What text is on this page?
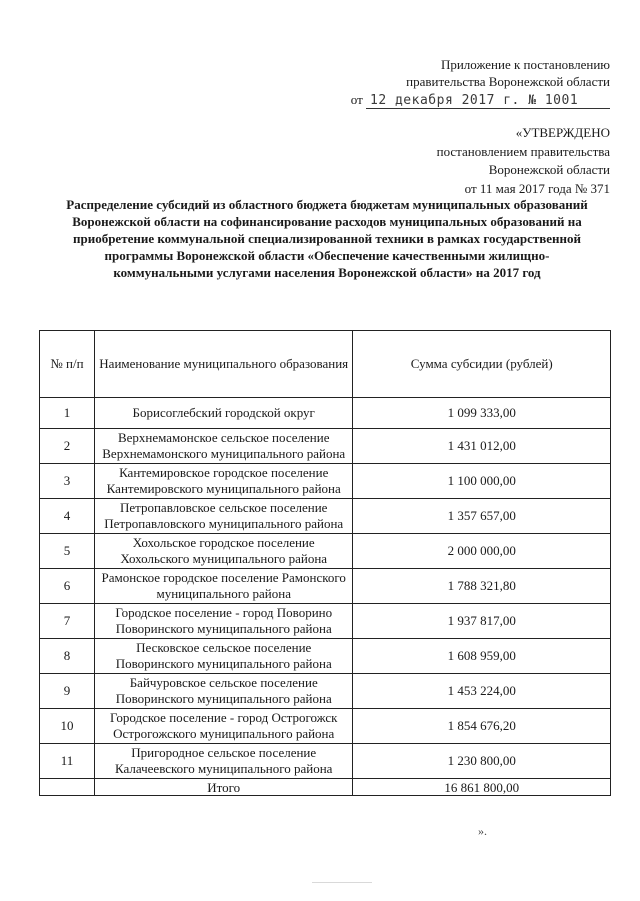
Приложение к постановлению
правительства Воронежской области
от 12 декабря 2017 г. № 1001
«УТВЕРЖДЕНО
постановлением правительства
Воронежской области
от 11 мая 2017 года № 371
Распределение субсидий из областного бюджета бюджетам муниципальных образований Воронежской области на софинансирование расходов муниципальных образований на приобретение коммунальной специализированной техники в рамках государственной программы Воронежской области «Обеспечение качественными жилищно- коммунальными услугами населения Воронежской области» на 2017 год
№ п/п	Наименование муниципального образования	Сумма субсидии (рублей)
1	Борисоглебский городской округ	1 099 333,00
2	Верхнемамонское сельское поселение Верхнемамонского муниципального района	1 431 012,00
3	Кантемировское городское поселение Кантемировского муниципального района	1 100 000,00
4	Петропавловское сельское поселение Петропавловского муниципального района	1 357 657,00
5	Хохольское городское поселение Хохольского муниципального района	2 000 000,00
6	Рамонское городское поселение Рамонского муниципального района	1 788 321,80
7	Городское поселение - город Поворино Поворинского муниципального района	1 937 817,00
8	Песковское сельское поселение Поворинского муниципального района	1 608 959,00
9	Байчуровское сельское поселение Поворинского муниципального района	1 453 224,00
10	Городское поселение - город Острогожск Острогожского муниципального района	1 854 676,20
11	Пригородное сельское поселение Калачеевского муниципального района	1 230 800,00
	Итого	16 861 800,00
».
